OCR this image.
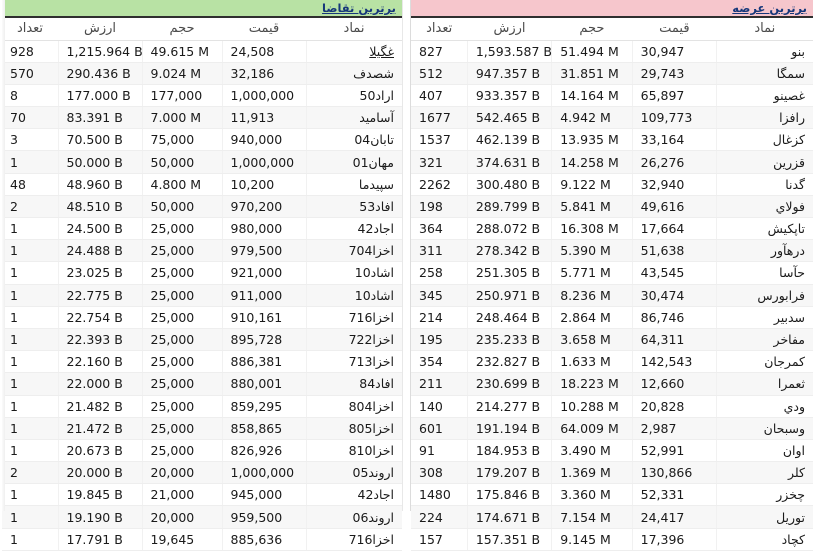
برترین عرضه
نماد	قیمت	حجم	ارزش	تعداد
بنو	30,947	51.494 M	1,593.587 B	827
سمگا	29,743	31.851 M	947.357 B	512
غصینو	65,897	14.164 M	933.357 B	407
رافزا	109,773	4.942 M	542.465 B	1677
کزغال	33,164	13.935 M	462.139 B	1537
قزرین	26,276	14.258 M	374.631 B	321
گدنا	32,940	9.122 M	300.480 B	2262
فولاي	49,616	5.841 M	289.799 B	198
تاپکیش	17,664	16.308 M	288.072 B	364
درهآور	51,638	5.390 M	278.342 B	311
حآسا	43,545	5.771 M	251.305 B	258
فرابورس	30,474	8.236 M	250.971 B	345
سدبیر	86,746	2.864 M	248.464 B	214
مفاخر	64,311	3.658 M	235.233 B	195
کمرجان	142,543	1.633 M	232.827 B	354
ثعمرا	12,660	18.223 M	230.699 B	211
ودي	20,828	10.288 M	214.277 B	140
وسبحان	2,987	64.009 M	191.194 B	601
اوان	52,991	3.490 M	184.953 B	91
کلر	130,866	1.369 M	179.207 B	308
چخزر	52,331	3.360 M	175.846 B	1480
توریل	24,417	7.154 M	174.671 B	224
کچاد	17,396	9.145 M	157.351 B	157
برترین تقاضا
نماد	قیمت	حجم	ارزش	تعداد
غگیلا	24,508	49.615 M	1,215.964 B	928
شصدف	32,186	9.024 M	290.436 B	570
اراد50	1,000,000	177,000	177.000 B	8
آسامید	11,913	7.000 M	83.391 B	70
تابان04	940,000	75,000	70.500 B	3
مهان01	1,000,000	50,000	50.000 B	1
سپیدما	10,200	4.800 M	48.960 B	48
افاد53	970,200	50,000	48.510 B	2
اجاد42	980,000	25,000	24.500 B	1
اخزا704	979,500	25,000	24.488 B	1
اشاد10	921,000	25,000	23.025 B	1
اشاد10	911,000	25,000	22.775 B	1
اخزا716	910,161	25,000	22.754 B	1
اخزا722	895,728	25,000	22.393 B	1
اخزا713	886,381	25,000	22.160 B	1
افاد84	880,001	25,000	22.000 B	1
اخزا804	859,295	25,000	21.482 B	1
اخزا805	858,865	25,000	21.472 B	1
اخزا810	826,926	25,000	20.673 B	1
اروند05	1,000,000	20,000	20.000 B	2
اجاد42	945,000	21,000	19.845 B	1
اروند06	959,500	20,000	19.190 B	1
اخزا716	885,636	19,645	17.791 B	1
